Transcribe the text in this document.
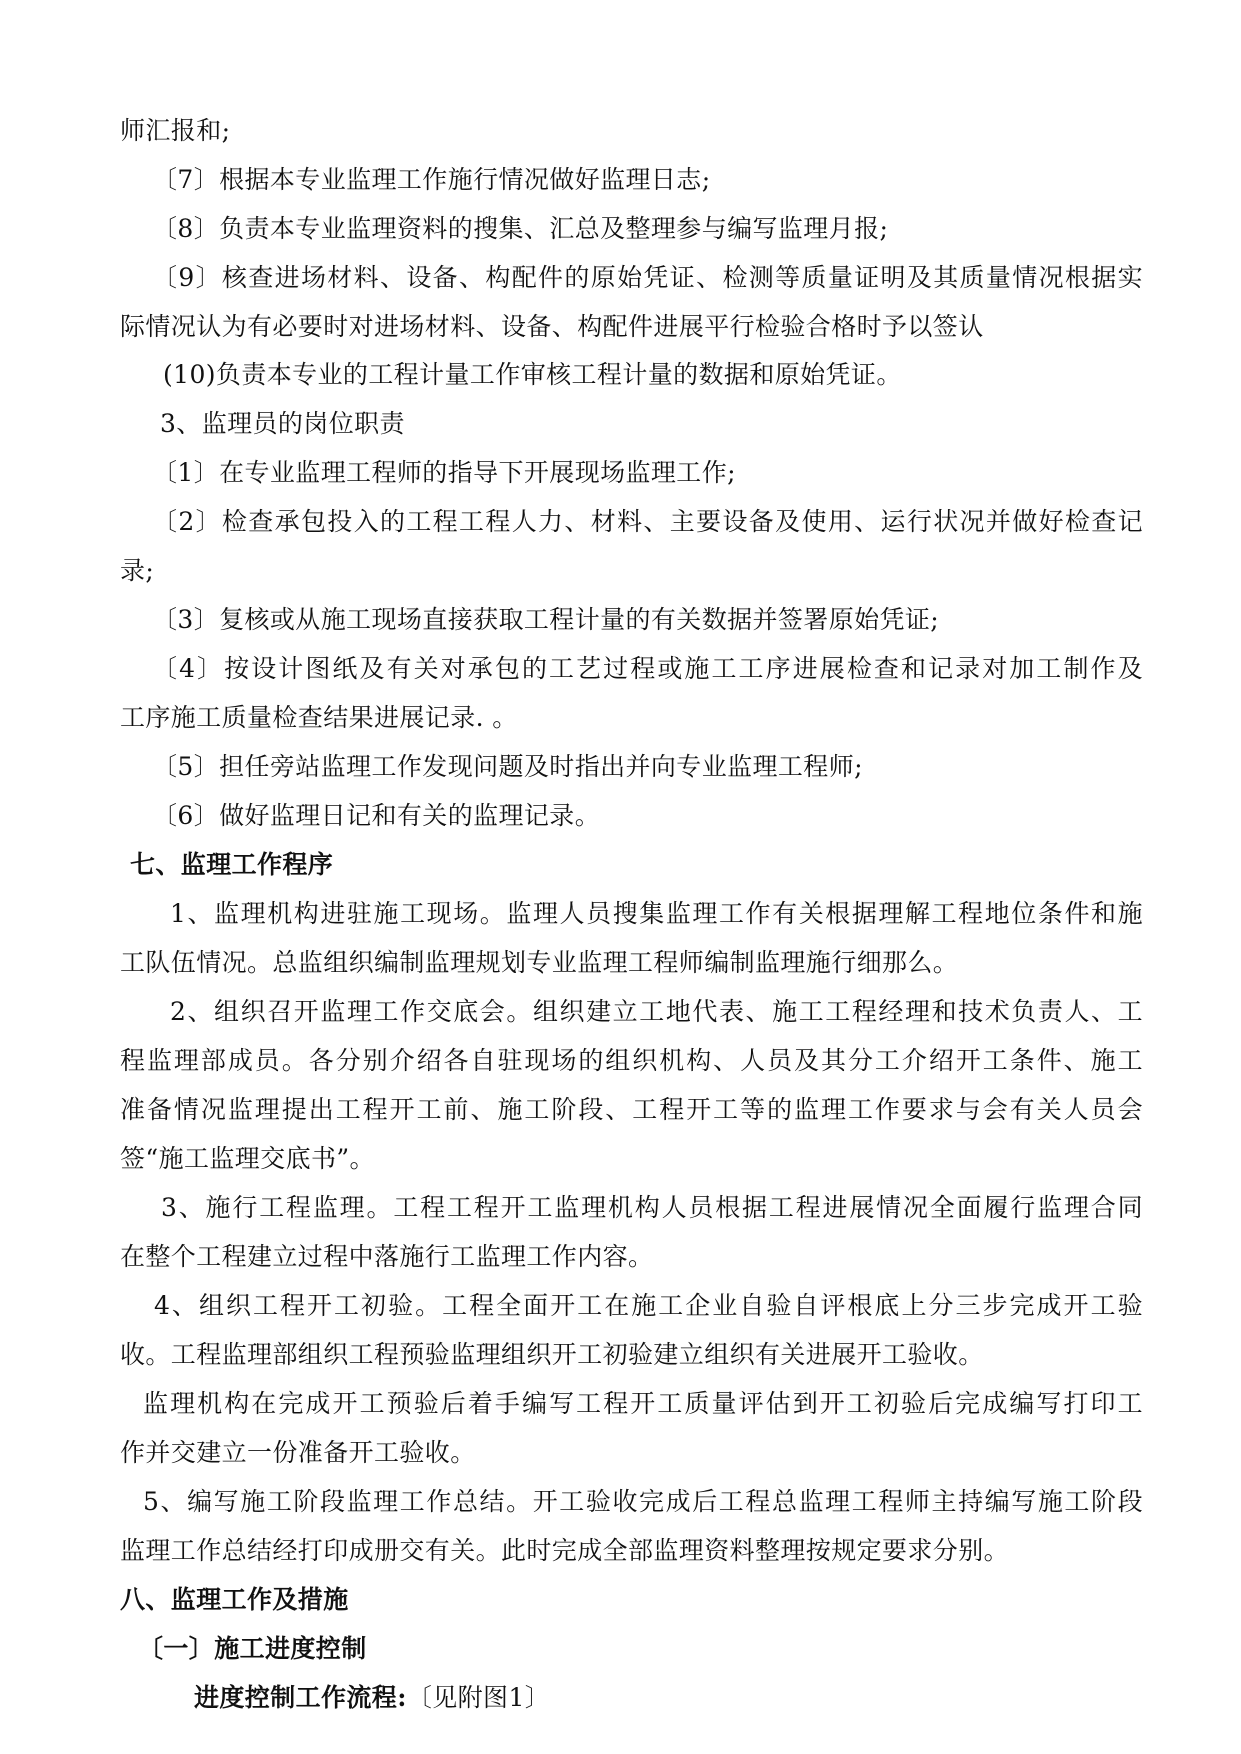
师汇报和;
〔7〕根据本专业监理工作施行情况做好监理日志;
〔8〕负责本专业监理资料的搜集、汇总及整理参与编写监理月报;
〔9〕核查进场材料、设备、构配件的原始凭证、检测等质量证明及其质量情况根据实
际情况认为有必要时对进场材料、设备、构配件进展平行检验合格时予以签认
(10)负责本专业的工程计量工作审核工程计量的数据和原始凭证。
3、监理员的岗位职责
〔1〕在专业监理工程师的指导下开展现场监理工作;
〔2〕检查承包投入的工程工程人力、材料、主要设备及使用、运行状况并做好检查记
录;
〔3〕复核或从施工现场直接获取工程计量的有关数据并签署原始凭证;
〔4〕按设计图纸及有关对承包的工艺过程或施工工序进展检查和记录对加工制作及
工序施工质量检查结果进展记录. 。
〔5〕担任旁站监理工作发现问题及时指出并向专业监理工程师;
〔6〕做好监理日记和有关的监理记录。
七、监理工作程序
1、监理机构进驻施工现场。监理人员搜集监理工作有关根据理解工程地位条件和施
工队伍情况。总监组织编制监理规划专业监理工程师编制监理施行细那么。
2、组织召开监理工作交底会。组织建立工地代表、施工工程经理和技术负责人、工
程监理部成员。各分别介绍各自驻现场的组织机构、人员及其分工介绍开工条件、施工
准备情况监理提出工程开工前、施工阶段、工程开工等的监理工作要求与会有关人员会
签“施工监理交底书”。
3、施行工程监理。工程工程开工监理机构人员根据工程进展情况全面履行监理合同
在整个工程建立过程中落施行工监理工作内容。
4、组织工程开工初验。工程全面开工在施工企业自验自评根底上分三步完成开工验
收。工程监理部组织工程预验监理组织开工初验建立组织有关进展开工验收。
监理机构在完成开工预验后着手编写工程开工质量评估到开工初验后完成编写打印工
作并交建立一份准备开工验收。
5、编写施工阶段监理工作总结。开工验收完成后工程总监理工程师主持编写施工阶段
监理工作总结经打印成册交有关。此时完成全部监理资料整理按规定要求分别。
八、监理工作及措施
〔一〕施工进度控制
进度控制工作流程:〔见附图1〕
